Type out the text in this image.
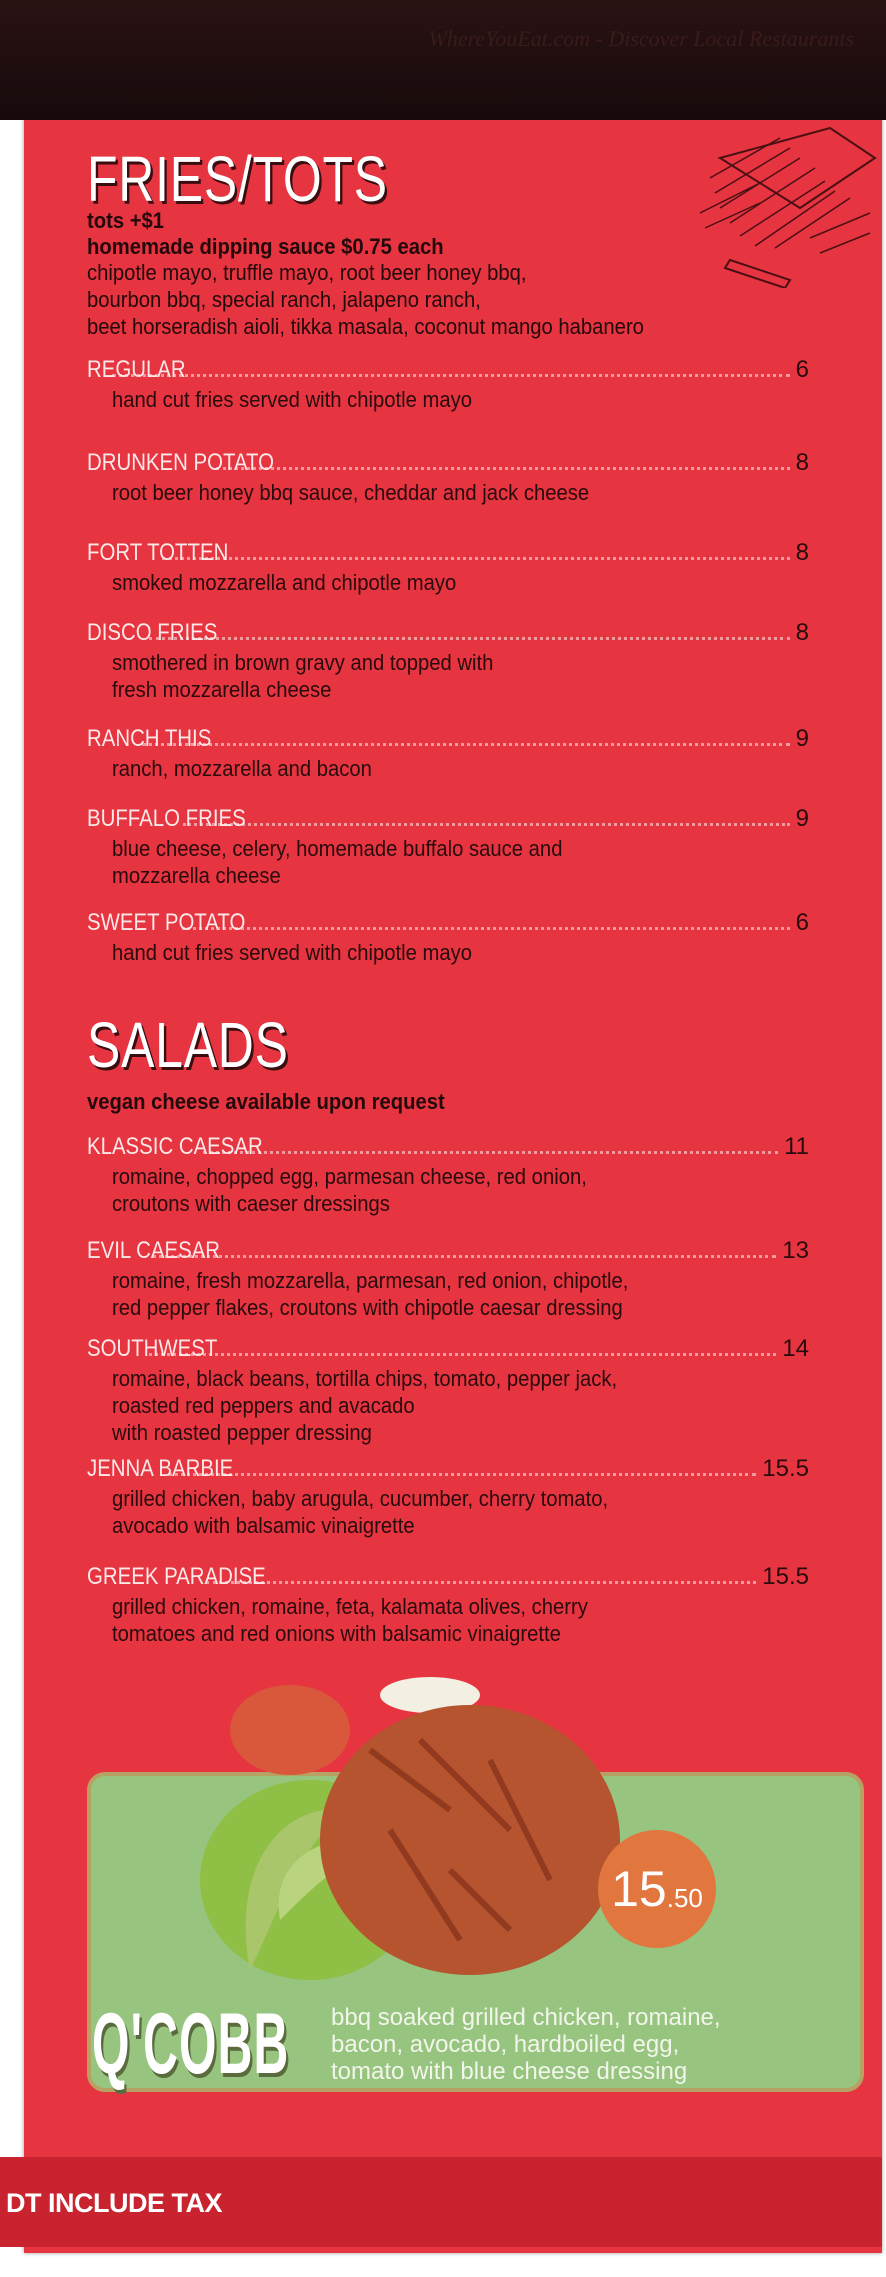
WhereYouEat.com - Discover Local Restaurants
FRIES/TOTS
tots +$1
homemade dipping sauce $0.75 each
chipotle mayo, truffle mayo, root beer honey bbq,
bourbon bbq, special ranch, jalapeno ranch,
beet horseradish aioli, tikka masala, coconut mango habanero
REGULAR	6
hand cut fries served with chipotle mayo
DRUNKEN POTATO	8
root beer honey bbq sauce, cheddar and jack cheese
FORT TOTTEN	8
smoked mozzarella and chipotle mayo
DISCO FRIES	8
smothered in brown gravy and topped with
fresh mozzarella cheese
RANCH THIS	9
ranch, mozzarella and bacon
BUFFALO FRIES	9
blue cheese, celery, homemade buffalo sauce and
mozzarella cheese
SWEET POTATO	6
hand cut fries served with chipotle mayo
SALADS
vegan cheese available upon request
KLASSIC CAESAR	11
romaine, chopped egg, parmesan cheese, red onion,
croutons with caeser dressings
EVIL CAESAR	13
romaine, fresh mozzarella, parmesan, red onion, chipotle,
red pepper flakes, croutons with chipotle caesar dressing
SOUTHWEST	14
romaine, black beans, tortilla chips, tomato, pepper jack,
roasted red peppers and avacado
with roasted pepper dressing
JENNA BARBIE	15.5
grilled chicken, baby arugula, cucumber, cherry tomato,
avocado with balsamic vinaigrette
GREEK PARADISE	15.5
grilled chicken, romaine, feta, kalamata olives, cherry
tomatoes and red onions with balsamic vinaigrette
15 .50
Q'COBB bbq soaked grilled chicken, romaine,
bacon, avocado, hardboiled egg,
tomato with blue cheese dressing
DT INCLUDE TAX
